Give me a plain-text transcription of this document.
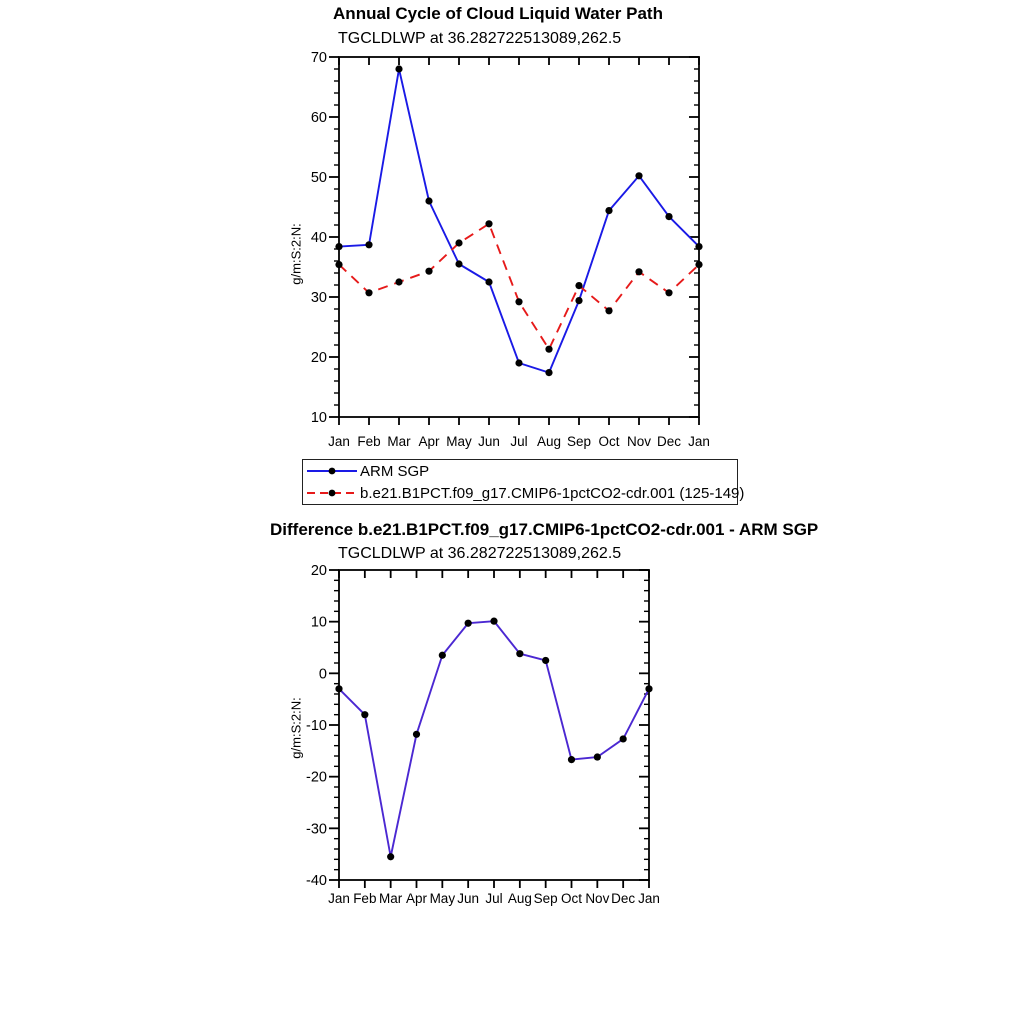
Annual Cycle of Cloud Liquid Water Path
TGCLDLWP at 36.282722513089,262.5
g/m:S:2:N:
Difference b.e21.B1PCT.f09_g17.CMIP6-1pctCO2-cdr.001 - ARM SGP
TGCLDLWP at 36.282722513089,262.5
g/m:S:2:N:
10
20
30
40
50
60
70
Jan Feb Mar Apr May Jun Jul Aug Sep Oct Nov Dec Jan
-40
-30
-20
-10
0
10
20
Jan Feb Mar Apr May Jun Jul Aug Sep Oct Nov Dec Jan
ARM SGP
b.e21.B1PCT.f09_g17.CMIP6-1pctCO2-cdr.001 (125-149)
